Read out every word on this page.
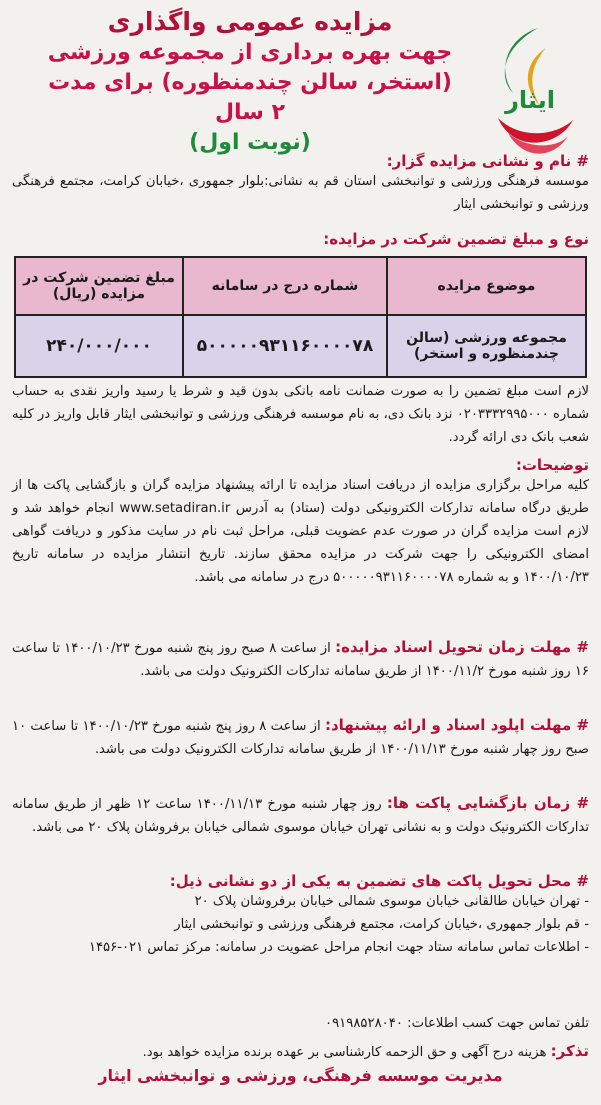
ایثار
مزایده عمومی واگذاری
جهت بهره برداری از مجموعه ورزشی
(استخر، سالن چندمنظوره) برای مدت ۲ سال
(نوبت اول)
# نام و نشانی مزایده گزار:
موسسه فرهنگی ورزشی و توانبخشی استان قم به نشانی:بلوار جمهوری ،خیابان کرامت، مجتمع فرهنگی ورزشی و توانبخشی ایثار
نوع و مبلغ تضمین شرکت در مزایده:
موضوع مزایده	شماره درج در سامانه	مبلغ تضمین شرکت در مزایده (ریال)
مجموعه ورزشی (سالن چندمنظوره و استخر)	۵۰۰۰۰۰۹۳۱۱۶۰۰۰۰۷۸	۲۴۰/۰۰۰/۰۰۰
لازم است مبلغ تضمین را به صورت ضمانت نامه بانکی بدون قید و شرط یا رسید واریز نقدی به حساب شماره ۰۲۰۳۳۳۲۹۹۵۰۰۰ نزد بانک دی، به نام موسسه فرهنگی ورزشی و توانبخشی ایثار قابل واریز در کلیه شعب بانک دی ارائه گردد.
توضیحات:
کلیه مراحل برگزاری مزایده از دریافت اسناد مزایده تا ارائه پیشنهاد مزایده گران و بازگشایی پاکت ها از طریق درگاه سامانه تدارکات الکترونیکی دولت (ستاد) به آدرس www.setadiran.ir انجام خواهد شد و لازم است مزایده گران در صورت عدم عضویت قبلی، مراحل ثبت نام در سایت مذکور و دریافت گواهی امضای الکترونیکی را جهت شرکت در مزایده محقق سازند. تاریخ انتشار مزایده در سامانه تاریخ ۱۴۰۰/۱۰/۲۳ و به شماره ۵۰۰۰۰۰۹۳۱۱۶۰۰۰۰۷۸ درج در سامانه می باشد.
# مهلت زمان تحویل اسناد مزایده: از ساعت ۸ صبح روز پنج شنبه مورخ ۱۴۰۰/۱۰/۲۳ تا ساعت ۱۶ روز شنبه مورخ ۱۴۰۰/۱۱/۲ از طریق سامانه تدارکات الکترونیک دولت می باشد.
# مهلت اپلود اسناد و ارائه پیشنهاد: از ساعت ۸ روز پنج شنبه مورخ ۱۴۰۰/۱۰/۲۳ تا ساعت ۱۰ صبح روز چهار شنبه مورخ ۱۴۰۰/۱۱/۱۳ از طریق سامانه تدارکات الکترونیک دولت می باشد.
# زمان بازگشایی پاکت ها: روز چهار شنبه مورخ ۱۴۰۰/۱۱/۱۳ ساعت ۱۲ ظهر از طریق سامانه تدارکات الکترونیک دولت و به نشانی تهران خیابان موسوی شمالی خیابان برفروشان پلاک ۲۰ می باشد.
# محل تحویل پاکت های تضمین به یکی از دو نشانی ذیل:
- تهران خیابان طالقانی خیابان موسوی شمالی خیابان برفروشان پلاک ۲۰
- قم بلوار جمهوری ،خیابان کرامت، مجتمع فرهنگی ورزشی و توانبخشی ایثار
- اطلاعات تماس سامانه ستاد جهت انجام مراحل عضویت در سامانه: مرکز تماس ۰۲۱-۱۴۵۶
تلفن تماس جهت کسب اطلاعات: ۰۹۱۹۸۵۲۸۰۴۰
تذکر: هزینه درج آگهی و حق الزحمه کارشناسی بر عهده برنده مزایده خواهد بود.
مدیریت موسسه فرهنگی، ورزشی و توانبخشی ایثار
